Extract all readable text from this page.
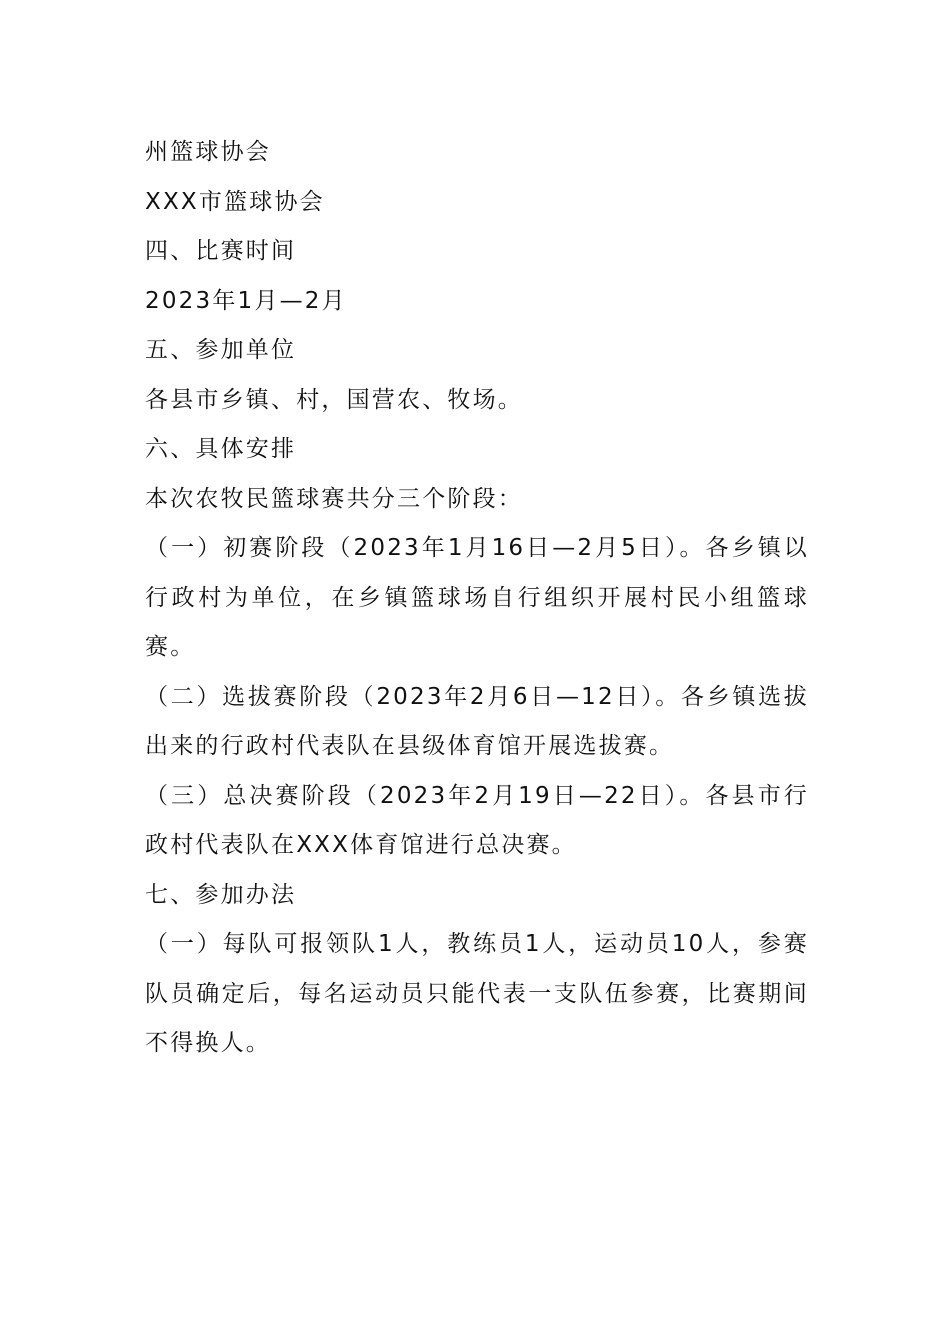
州篮球协会

XXX市篮球协会

四、比赛时间

2023年1月—2月

五、参加单位

各县市乡镇、村，国营农、牧场。

六、具体安排

本次农牧民篮球赛共分三个阶段：

（一）初赛阶段（2023年1月16日—2月5日）。各乡镇以行政村为单位，在乡镇篮球场自行组织开展村民小组篮球赛。

（二）选拔赛阶段（2023年2月6日—12日）。各乡镇选拔出来的行政村代表队在县级体育馆开展选拔赛。

（三）总决赛阶段（2023年2月19日—22日）。各县市行政村代表队在XXX体育馆进行总决赛。

七、参加办法

（一）每队可报领队1人，教练员1人，运动员10人，参赛队员确定后，每名运动员只能代表一支队伍参赛，比赛期间不得换人。
